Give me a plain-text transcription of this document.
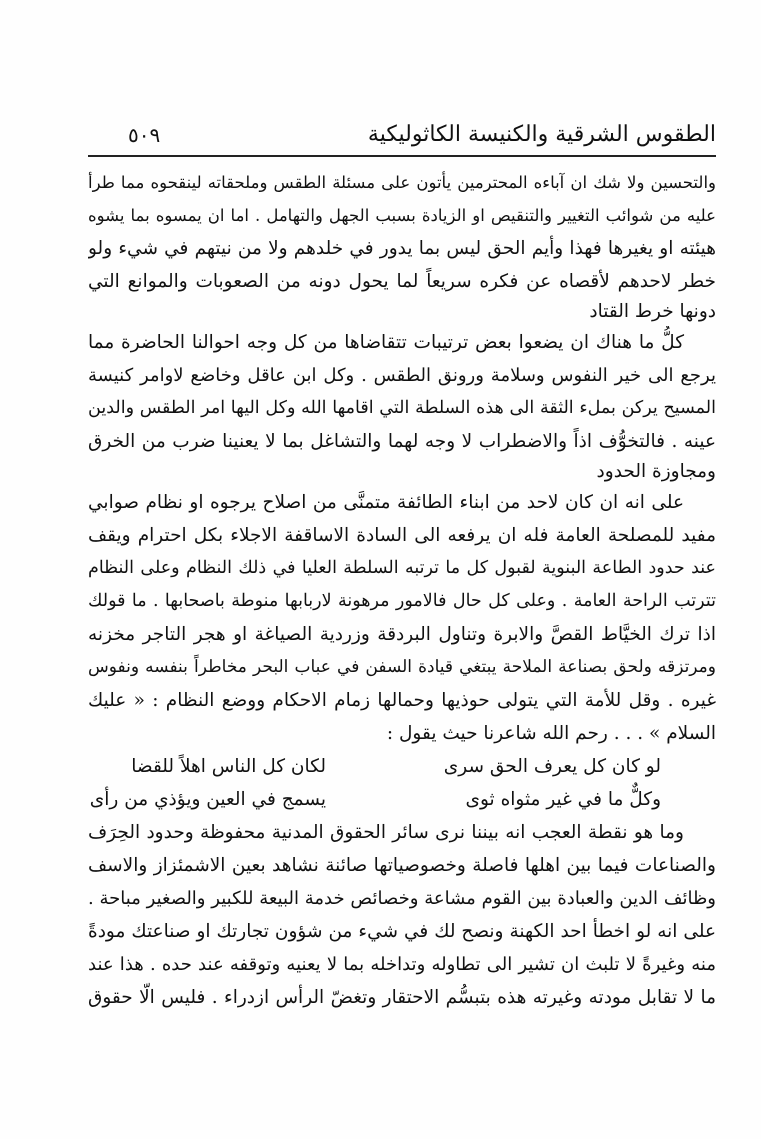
الطقوس الشرقية والكنيسة الكاثوليكية
٥٠٩
والتحسين ولا شك ان آباءه المحترمين يأتون على مسئلة الطقس وملحقاته لينقحوه مما طرأ
عليه من شوائب التغيير والتنقيص او الزيادة بسبب الجهل والتهامل . اما ان يمسوه بما يشوه
هيئته او يغيرها فهذا وأيم الحق ليس بما يدور في خلدهم ولا من نيتهم في شيء ولو
خطر لاحدهم لأقصاه عن فكره سريعاً لما يحول دونه من الصعوبات والموانع التي
دونها خرط القتاد
كلُّ ما هناك ان يضعوا بعض ترتيبات تتقاضاها من كل وجه احوالنا الحاضرة مما
يرجع الى خير النفوس وسلامة ورونق الطقس . وكل ابن عاقل وخاضع لاوامر كنيسة
المسيح يركن بملء الثقة الى هذه السلطة التي اقامها الله وكل اليها امر الطقس والدين
عينه . فالتخوُّف اذاً والاضطراب لا وجه لهما والتشاغل بما لا يعنينا ضرب من الخرق
ومجاوزة الحدود
على انه ان كان لاحد من ابناء الطائفة متمنَّى من اصلاح يرجوه او نظام صوابي
مفيد للمصلحة العامة فله ان يرفعه الى السادة الاساقفة الاجلاء بكل احترام ويقف
عند حدود الطاعة البنوية لقبول كل ما ترتبه السلطة العليا في ذلك النظام وعلى النظام
تترتب الراحة العامة . وعلى كل حال فالامور مرهونة لاربابها منوطة باصحابها . ما قولك
اذا ترك الخيَّاط القصَّ والابرة وتناول البردقة وزردية الصياغة او هجر التاجر مخزنه
ومرتزقه ولحق بصناعة الملاحة يبتغي قيادة السفن في عباب البحر مخاطراً بنفسه ونفوس
غيره . وقل للأمة التي يتولى حوذيها وحمالها زمام الاحكام ووضع النظام : « عليك
السلام » . . . رحم الله شاعرنا حيث يقول :
لو كان كل يعرف الحق سرى
لكان كل الناس اهلاً للقضا
وكلٌّ ما في غير مثواه ثوى
يسمج في العين ويؤذي من رأى
وما هو نقطة العجب انه بيننا نرى سائر الحقوق المدنية محفوظة وحدود الحِرَف
والصناعات فيما بين اهلها فاصلة وخصوصياتها صائنة نشاهد بعين الاشمئزاز والاسف
وظائف الدين والعبادة بين القوم مشاعة وخصائص خدمة البيعة للكبير والصغير مباحة .
على انه لو اخطأ احد الكهنة ونصح لك في شيء من شؤون تجارتك او صناعتك مودةً
منه وغيرةً لا تلبث ان تشير الى تطاوله وتداخله بما لا يعنيه وتوقفه عند حده . هذا عند
ما لا تقابل مودته وغيرته هذه بتبسُّم الاحتقار وتغضّ الرأس ازدراء . فليس الّا حقوق
